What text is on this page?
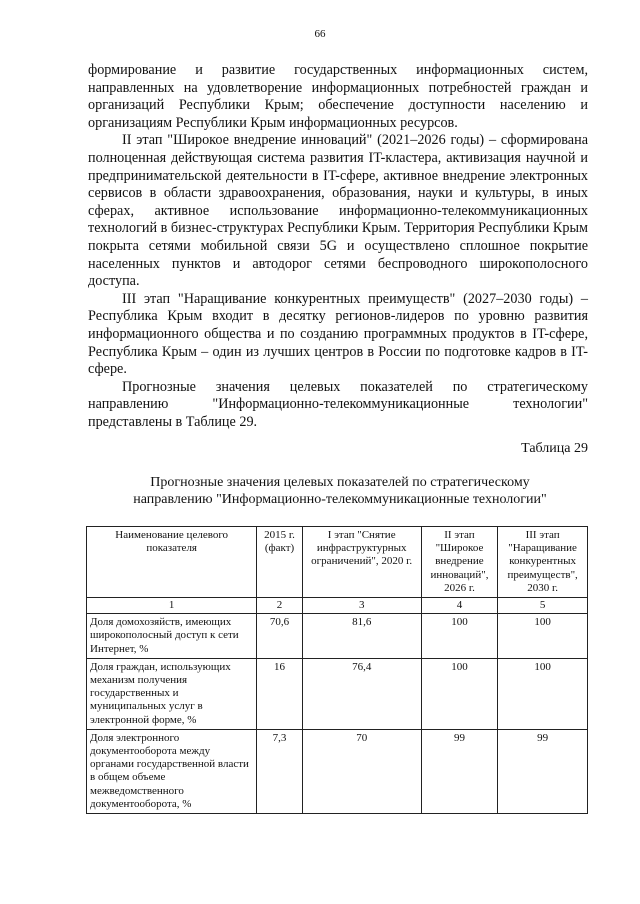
66

формирование и развитие государственных информационных систем, направленных на удовлетворение информационных потребностей граждан и организаций Республики Крым; обеспечение доступности населению и организациям Республики Крым информационных ресурсов.

II этап "Широкое внедрение инноваций" (2021–2026 годы) – сформирована полноценная действующая система развития IT-кластера, активизация научной и предпринимательской деятельности в IT-сфере, активное внедрение электронных сервисов в области здравоохранения, образования, науки и культуры, в иных сферах, активное использование информационно-телекоммуникационных технологий в бизнес-структурах Республики Крым. Территория Республики Крым покрыта сетями мобильной связи 5G и осуществлено сплошное покрытие населенных пунктов и автодорог сетями беспроводного широкополосного доступа.

III этап "Наращивание конкурентных преимуществ" (2027–2030 годы) – Республика Крым входит в десятку регионов-лидеров по уровню развития информационного общества и по созданию программных продуктов в IT-сфере, Республика Крым – один из лучших центров в России по подготовке кадров в IT-сфере.

Прогнозные значения целевых показателей по стратегическому направлению "Информационно-телекоммуникационные технологии" представлены в Таблице 29.

Таблица 29
Прогнозные значения целевых показателей по стратегическому
направлению "Информационно-телекоммуникационные технологии"
Наименование целевого показателя	2015 г. (факт)	I этап "Снятие инфраструктурных ограничений", 2020 г.	II этап "Широкое внедрение инноваций", 2026 г.	III этап "Наращивание конкурентных преимуществ", 2030 г.
1	2	3	4	5
Доля домохозяйств, имеющих широкополосный доступ к сети Интернет, %	70,6	81,6	100	100
Доля граждан, использующих механизм получения государственных и муниципальных услуг в электронной форме, %	16	76,4	100	100
Доля электронного документооборота между органами государственной власти в общем объеме межведомственного документооборота, %	7,3	70	99	99
